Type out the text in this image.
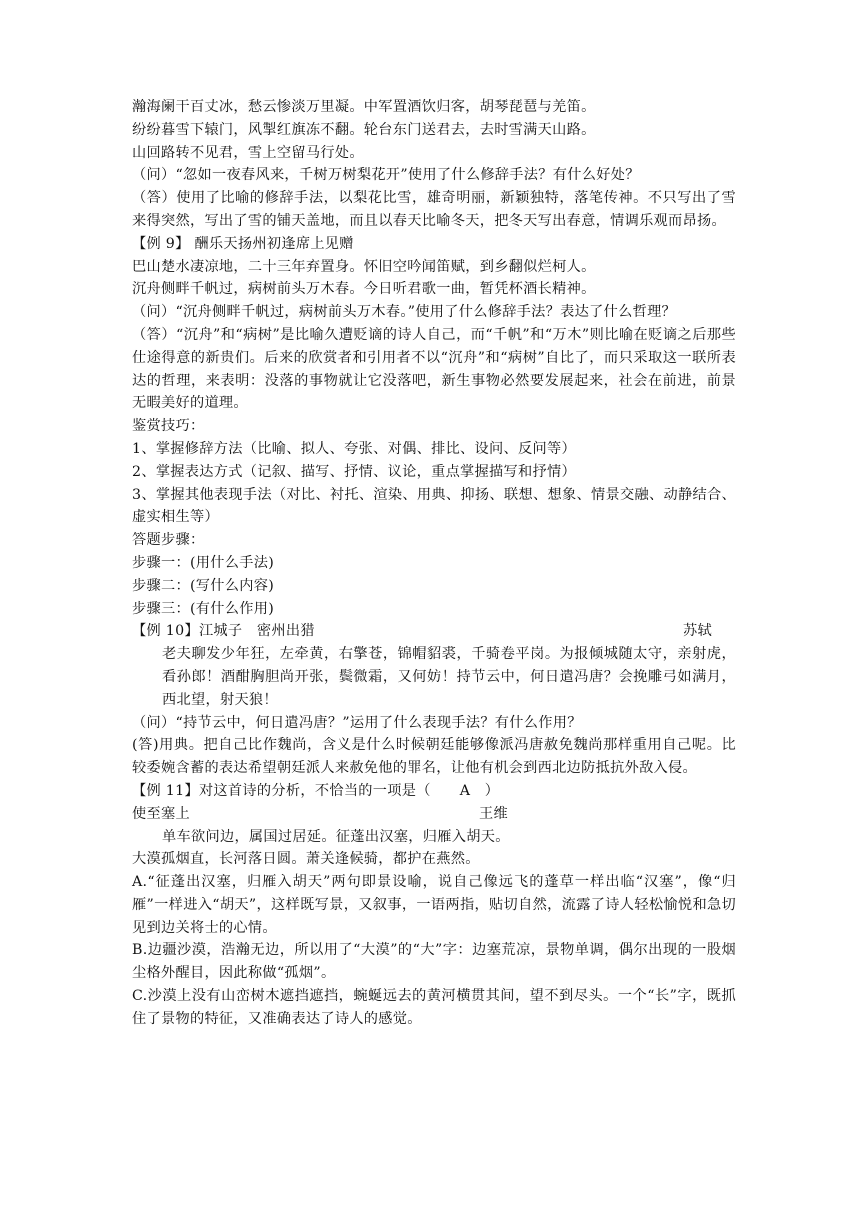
瀚海阑干百丈冰，愁云惨淡万里凝。中军置酒饮归客，胡琴琵琶与羌笛。
纷纷暮雪下辕门，风掣红旗冻不翻。轮台东门送君去，去时雪满天山路。
山回路转不见君，雪上空留马行处。
（问）“忽如一夜春风来，千树万树梨花开”使用了什么修辞手法？有什么好处？
（答）使用了比喻的修辞手法，以梨花比雪，雄奇明丽，新颖独特，落笔传神。不只写出了雪来得突然，写出了雪的铺天盖地，而且以春天比喻冬天，把冬天写出春意，情调乐观而昂扬。
【例 9】 酬乐天扬州初逢席上见赠
巴山楚水凄凉地，二十三年弃置身。怀旧空吟闻笛赋，到乡翻似烂柯人。
沉舟侧畔千帆过，病树前头万木春。今日听君歌一曲，暂凭杯酒长精神。
（问）“沉舟侧畔千帆过，病树前头万木春。”使用了什么修辞手法？表达了什么哲理？
（答）“沉舟”和“病树”是比喻久遭贬谪的诗人自己，而“千帆”和“万木”则比喻在贬谪之后那些仕途得意的新贵们。后来的欣赏者和引用者不以“沉舟”和“病树”自比了，而只采取这一联所表达的哲理，来表明：没落的事物就让它没落吧，新生事物必然要发展起来，社会在前进，前景无暇美好的道理。
鉴赏技巧：
1、掌握修辞方法（比喻、拟人、夸张、对偶、排比、设问、反问等）
2、掌握表达方式（记叙、描写、抒情、议论，重点掌握描写和抒情）
3、掌握其他表现手法（对比、衬托、渲染、用典、抑扬、联想、想象、情景交融、动静结合、虚实相生等）
答题步骤：
步骤一：(用什么手法)
步骤二：(写什么内容)
步骤三：(有什么作用)
【例 10】江城子　密州出猎	苏轼
老夫聊发少年狂，左牵黄，右擎苍，锦帽貂裘，千骑卷平岗。为报倾城随太守，亲射虎，看孙郎！酒酣胸胆尚开张，鬓微霜，又何妨！持节云中，何日遣冯唐？会挽雕弓如满月，西北望，射天狼！
（问）“持节云中，何日遣冯唐？”运用了什么表现手法？有什么作用？
(答)用典。把自己比作魏尚，含义是什么时候朝廷能够像派冯唐赦免魏尚那样重用自己呢。比较委婉含蓄的表达希望朝廷派人来赦免他的罪名，让他有机会到西北边防抵抗外敌入侵。
【例 11】对这首诗的分析，不恰当的一项是（　　A　）
使至塞上	王维
单车欲问边，属国过居延。征蓬出汉塞，归雁入胡天。
大漠孤烟直，长河落日圆。萧关逢候骑，都护在燕然。
A.“征蓬出汉塞，归雁入胡天”两句即景设喻，说自己像远飞的蓬草一样出临“汉塞”，像“归雁”一样进入“胡天”，这样既写景，又叙事，一语两指，贴切自然，流露了诗人轻松愉悦和急切见到边关将士的心情。
B.边疆沙漠，浩瀚无边，所以用了“大漠”的“大”字：边塞荒凉，景物单调，偶尔出现的一股烟尘格外醒目，因此称做“孤烟”。
C.沙漠上没有山峦树木遮挡遮挡，蜿蜒远去的黄河横贯其间，望不到尽头。一个“长”字，既抓住了景物的特征，又准确表达了诗人的感觉。
